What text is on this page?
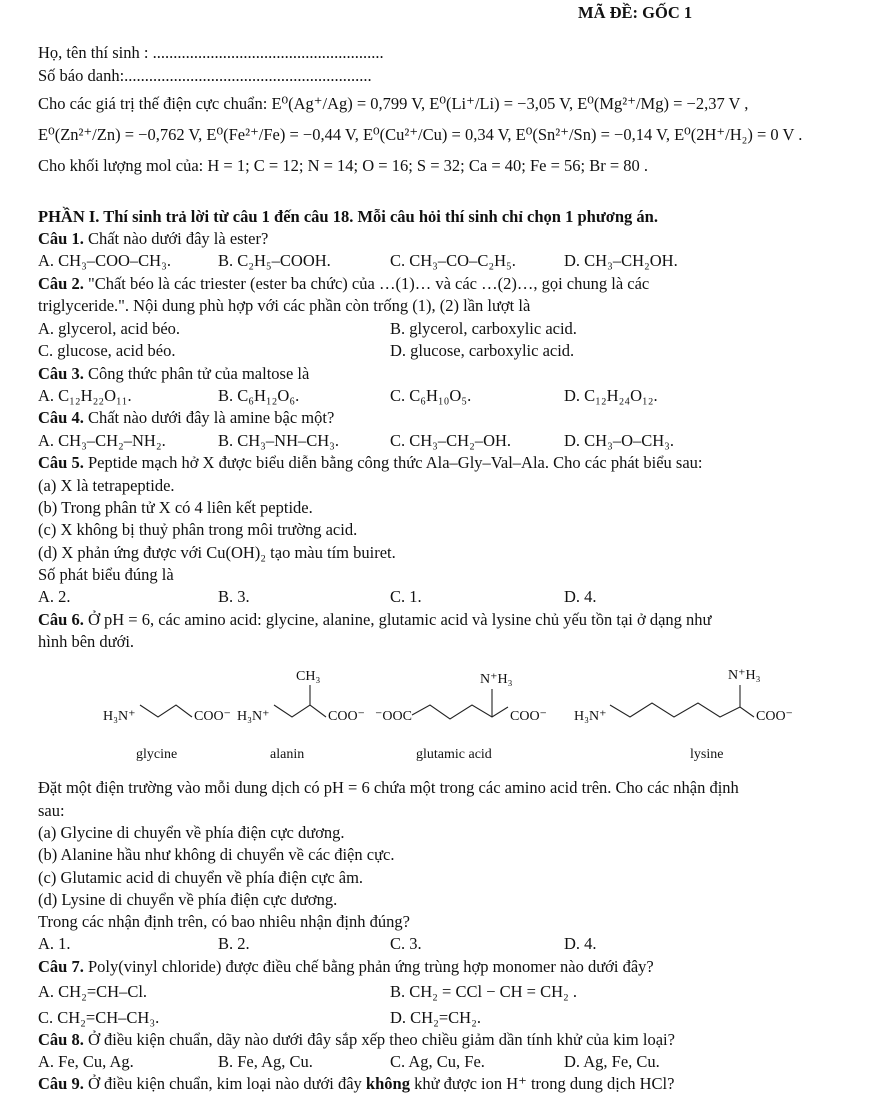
MÃ ĐỀ: GỐC 1
Họ, tên thí sinh : ........................................................
Số báo danh:............................................................
Cho các giá trị thế điện cực chuẩn: E⁰(Ag⁺/Ag) = 0,799 V, E⁰(Li⁺/Li) = −3,05 V, E⁰(Mg²⁺/Mg) = −2,37 V ,
E⁰(Zn²⁺/Zn) = −0,762 V, E⁰(Fe²⁺/Fe) = −0,44 V, E⁰(Cu²⁺/Cu) = 0,34 V, E⁰(Sn²⁺/Sn) = −0,14 V, E⁰(2H⁺/H₂) = 0 V .
Cho khối lượng mol của: H = 1; C = 12; N = 14; O = 16; S = 32; Ca = 40; Fe = 56; Br = 80 .
PHẦN I. Thí sinh trả lời từ câu 1 đến câu 18. Mỗi câu hỏi thí sinh chỉ chọn 1 phương án.
Câu 1. Chất nào dưới đây là ester?
A. CH₃–COO–CH₃.	B. C₂H₅–COOH.	C. CH₃–CO–C₂H₅.	D. CH₃–CH₂OH.
Câu 2. "Chất béo là các triester (ester ba chức) của …(1)… và các …(2)…, gọi chung là các
triglyceride.". Nội dung phù hợp với các phần còn trống (1), (2) lần lượt là
A. glycerol, acid béo.	B. glycerol, carboxylic acid.
C. glucose, acid béo.	D. glucose, carboxylic acid.
Câu 3. Công thức phân tử của maltose là
A. C₁₂H₂₂O₁₁.	B. C₆H₁₂O₆.	C. C₆H₁₀O₅.	D. C₁₂H₂₄O₁₂.
Câu 4. Chất nào dưới đây là amine bậc một?
A. CH₃–CH₂–NH₂.	B. CH₃–NH–CH₃.	C. CH₃–CH₂–OH.	D. CH₃–O–CH₃.
Câu 5. Peptide mạch hở X được biểu diễn bằng công thức Ala–Gly–Val–Ala. Cho các phát biểu sau:
(a) X là tetrapeptide.
(b) Trong phân tử X có 4 liên kết peptide.
(c) X không bị thuỷ phân trong môi trường acid.
(d) X phản ứng được với Cu(OH)₂ tạo màu tím buiret.
Số phát biểu đúng là
A. 2.	B. 3.	C. 1.	D. 4.
Câu 6. Ở pH = 6, các amino acid: glycine, alanine, glutamic acid và lysine chủ yếu tồn tại ở dạng như
hình bên dưới.
H₃N⁺	COO⁻
glycine
H₃N⁺
CH₃
COO⁻
alanin
⁻OOC
N⁺H₃
COO⁻
glutamic acid
H₃N⁺
N⁺H₃
COO⁻
lysine
Đặt một điện trường vào mỗi dung dịch có pH = 6 chứa một trong các amino acid trên. Cho các nhận định
sau:
(a) Glycine di chuyển về phía điện cực dương.
(b) Alanine hầu như không di chuyển về các điện cực.
(c) Glutamic acid di chuyển về phía điện cực âm.
(d) Lysine di chuyển về phía điện cực dương.
Trong các nhận định trên, có bao nhiêu nhận định đúng?
A. 1.	B. 2.	C. 3.	D. 4.
Câu 7. Poly(vinyl chloride) được điều chế bằng phản ứng trùng hợp monomer nào dưới đây?
A. CH₂=CH–Cl.	B. CH₂ = CCl − CH = CH₂ .
C. CH₂=CH–CH₃.	D. CH₂=CH₂.
Câu 8. Ở điều kiện chuẩn, dãy nào dưới đây sắp xếp theo chiều giảm dần tính khử của kim loại?
A. Fe, Cu, Ag.	B. Fe, Ag, Cu.	C. Ag, Cu, Fe.	D. Ag, Fe, Cu.
Câu 9. Ở điều kiện chuẩn, kim loại nào dưới đây không khử được ion H⁺ trong dung dịch HCl?
